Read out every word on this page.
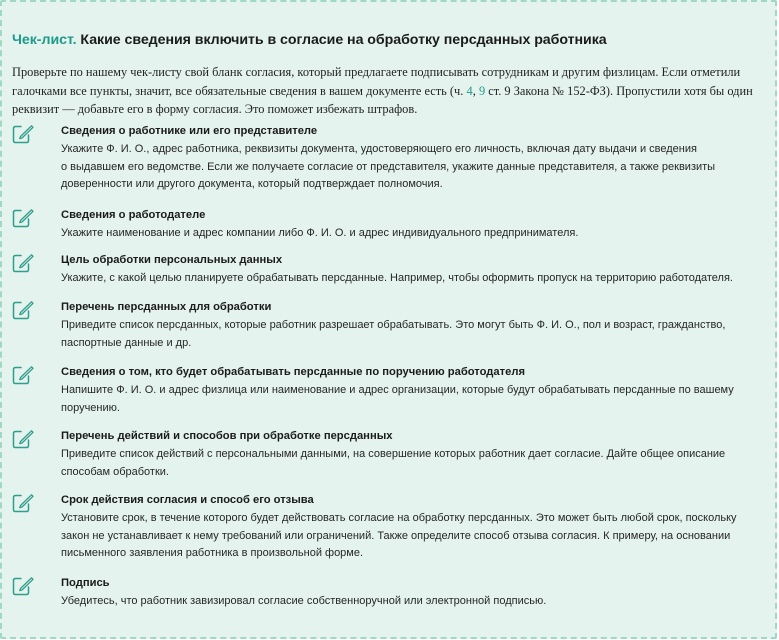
Чек-лист. Какие сведения включить в согласие на обработку персданных работника
Проверьте по нашему чек-листу свой бланк согласия, который предлагаете подписывать сотрудникам и другим физлицам. Если отметили галочками все пункты, значит, все обязательные сведения в вашем документе есть (ч. 4, 9 ст. 9 Закона № 152-ФЗ). Пропустили хотя бы один реквизит — добавьте его в форму согласия. Это поможет избежать штрафов.
Сведения о работнике или его представителе
Укажите Ф. И. О., адрес работника, реквизиты документа, удостоверяющего его личность, включая дату выдачи и сведения
о выдавшем его ведомстве. Если же получаете согласие от представителя, укажите данные представителя, а также реквизиты
доверенности или другого документа, который подтверждает полномочия.
Сведения о работодателе
Укажите наименование и адрес компании либо Ф. И. О. и адрес индивидуального предпринимателя.
Цель обработки персональных данных
Укажите, с какой целью планируете обрабатывать персданные. Например, чтобы оформить пропуск на территорию работодателя.
Перечень персданных для обработки
Приведите список персданных, которые работник разрешает обрабатывать. Это могут быть Ф. И. О., пол и возраст, гражданство,
паспортные данные и др.
Сведения о том, кто будет обрабатывать персданные по поручению работодателя
Напишите Ф. И. О. и адрес физлица или наименование и адрес организации, которые будут обрабатывать персданные по вашему
поручению.
Перечень действий и способов при обработке персданных
Приведите список действий с персональными данными, на совершение которых работник дает согласие. Дайте общее описание
способам обработки.
Срок действия согласия и способ его отзыва
Установите срок, в течение которого будет действовать согласие на обработку персданных. Это может быть любой срок, поскольку
закон не устанавливает к нему требований или ограничений. Также определите способ отзыва согласия. К примеру, на основании
письменного заявления работника в произвольной форме.
Подпись
Убедитесь, что работник завизировал согласие собственноручной или электронной подписью.
